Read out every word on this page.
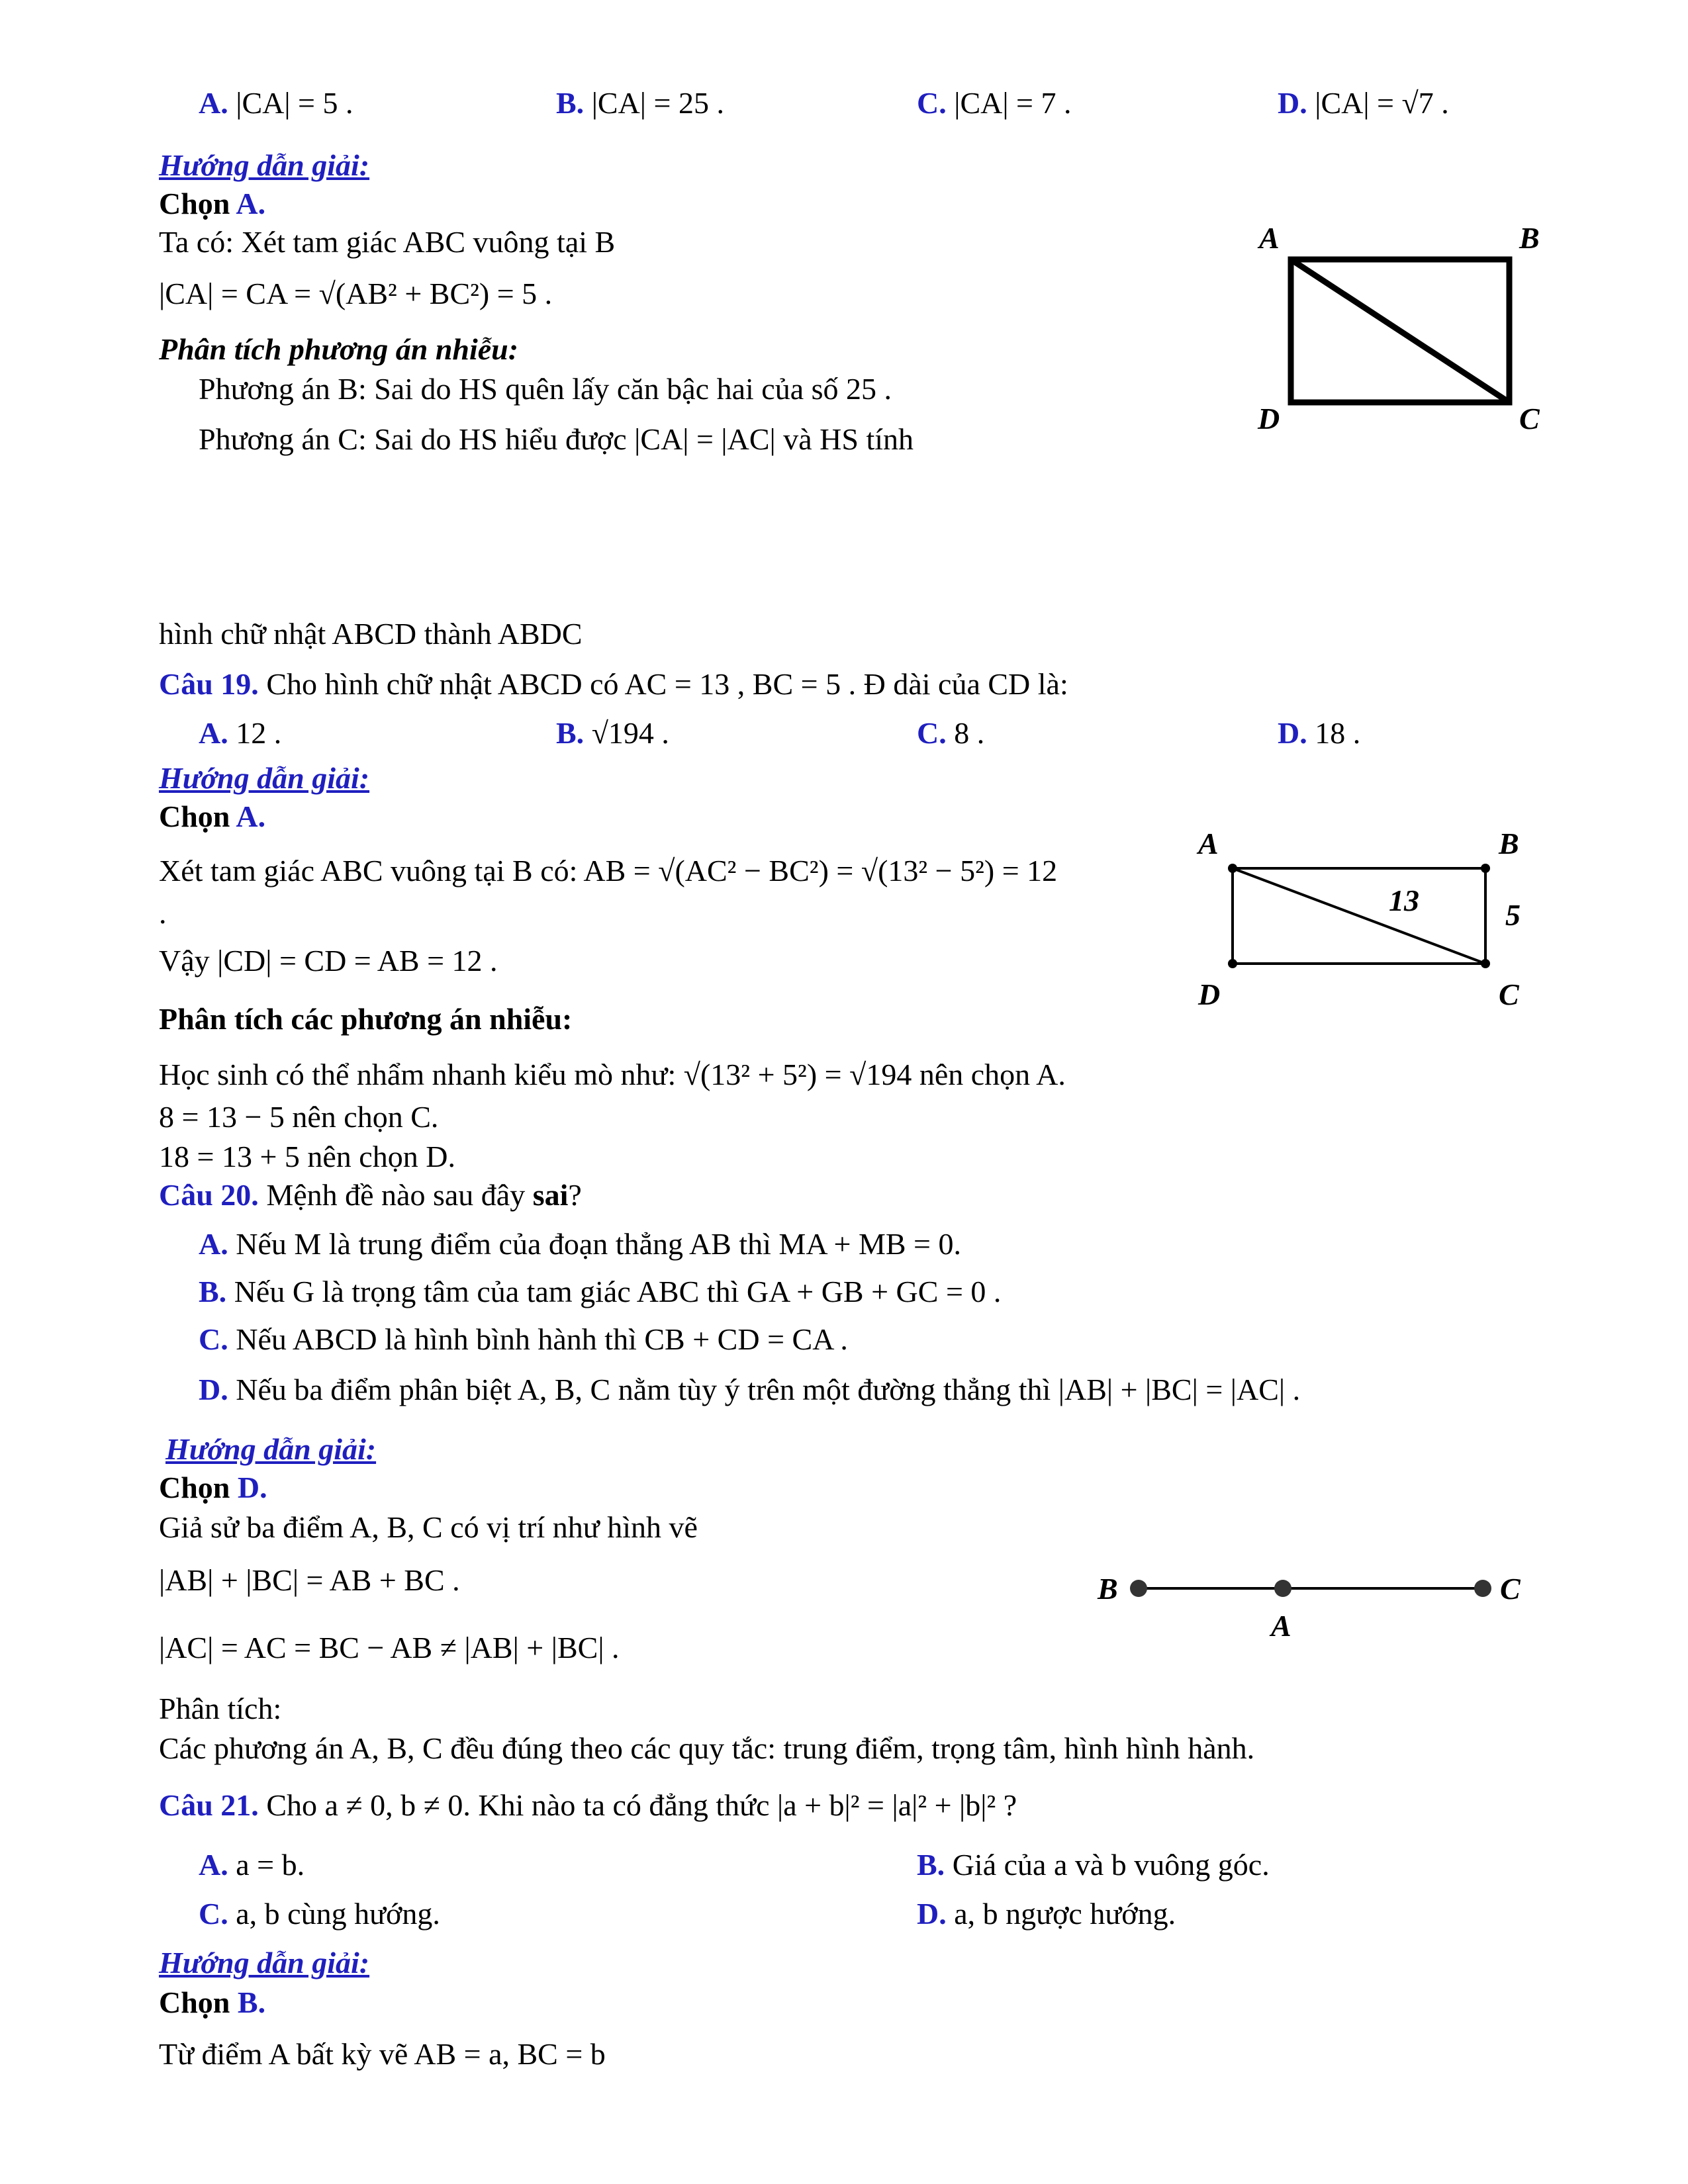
A. |CA| = 5 .	B. |CA| = 25 .	C. |CA| = 7 .	D. |CA| = √7 .
Hướng dẫn giải:
Chọn A.
Ta có: Xét tam giác ABC vuông tại B
|CA| = CA = √(AB² + BC²) = 5 .
Phân tích phương án nhiễu:
Phương án B: Sai do HS quên lấy căn bậc hai của số 25 .
Phương án C: Sai do HS hiểu được |CA| = |AC| và HS tính
hình chữ nhật ABCD thành ABDC
A	B
D	C
Câu 19. Cho hình chữ nhật ABCD có AC = 13 , BC = 5 . Đ dài của CD là:
A. 12 .	B. √194 .	C. 8 .	D. 18 .
Hướng dẫn giải:
Chọn A.
Xét tam giác ABC vuông tại B có: AB = √(AC² − BC²) = √(13² − 5²) = 12
.
Vậy |CD| = CD = AB = 12 .
Phân tích các phương án nhiễu:
Học sinh có thể nhẩm nhanh kiểu mò như: √(13² + 5²) = √194 nên chọn A.
8 = 13 − 5 nên chọn C.
18 = 13 + 5 nên chọn D.
A	B
D	C
13	5
Câu 20. Mệnh đề nào sau đây sai?
A. Nếu M là trung điểm của đoạn thẳng AB thì MA + MB = 0.
B. Nếu G là trọng tâm của tam giác ABC thì GA + GB + GC = 0 .
C. Nếu ABCD là hình bình hành thì CB + CD = CA .
D. Nếu ba điểm phân biệt A, B, C nằm tùy ý trên một đường thẳng thì |AB| + |BC| = |AC| .
Hướng dẫn giải:
Chọn D.
Giả sử ba điểm A, B, C có vị trí như hình vẽ
|AB| + |BC| = AB + BC .
|AC| = AC = BC − AB ≠ |AB| + |BC| .
Phân tích:
Các phương án A, B, C đều đúng theo các quy tắc: trung điểm, trọng tâm, hình hình hành.
B
A
C
Câu 21. Cho a ≠ 0, b ≠ 0. Khi nào ta có đẳng thức |a + b|² = |a|² + |b|² ?
A. a = b.	B. Giá của a và b vuông góc.
C. a, b cùng hướng.	D. a, b ngược hướng.
Hướng dẫn giải:
Chọn B.
Từ điểm A bất kỳ vẽ AB = a, BC = b
